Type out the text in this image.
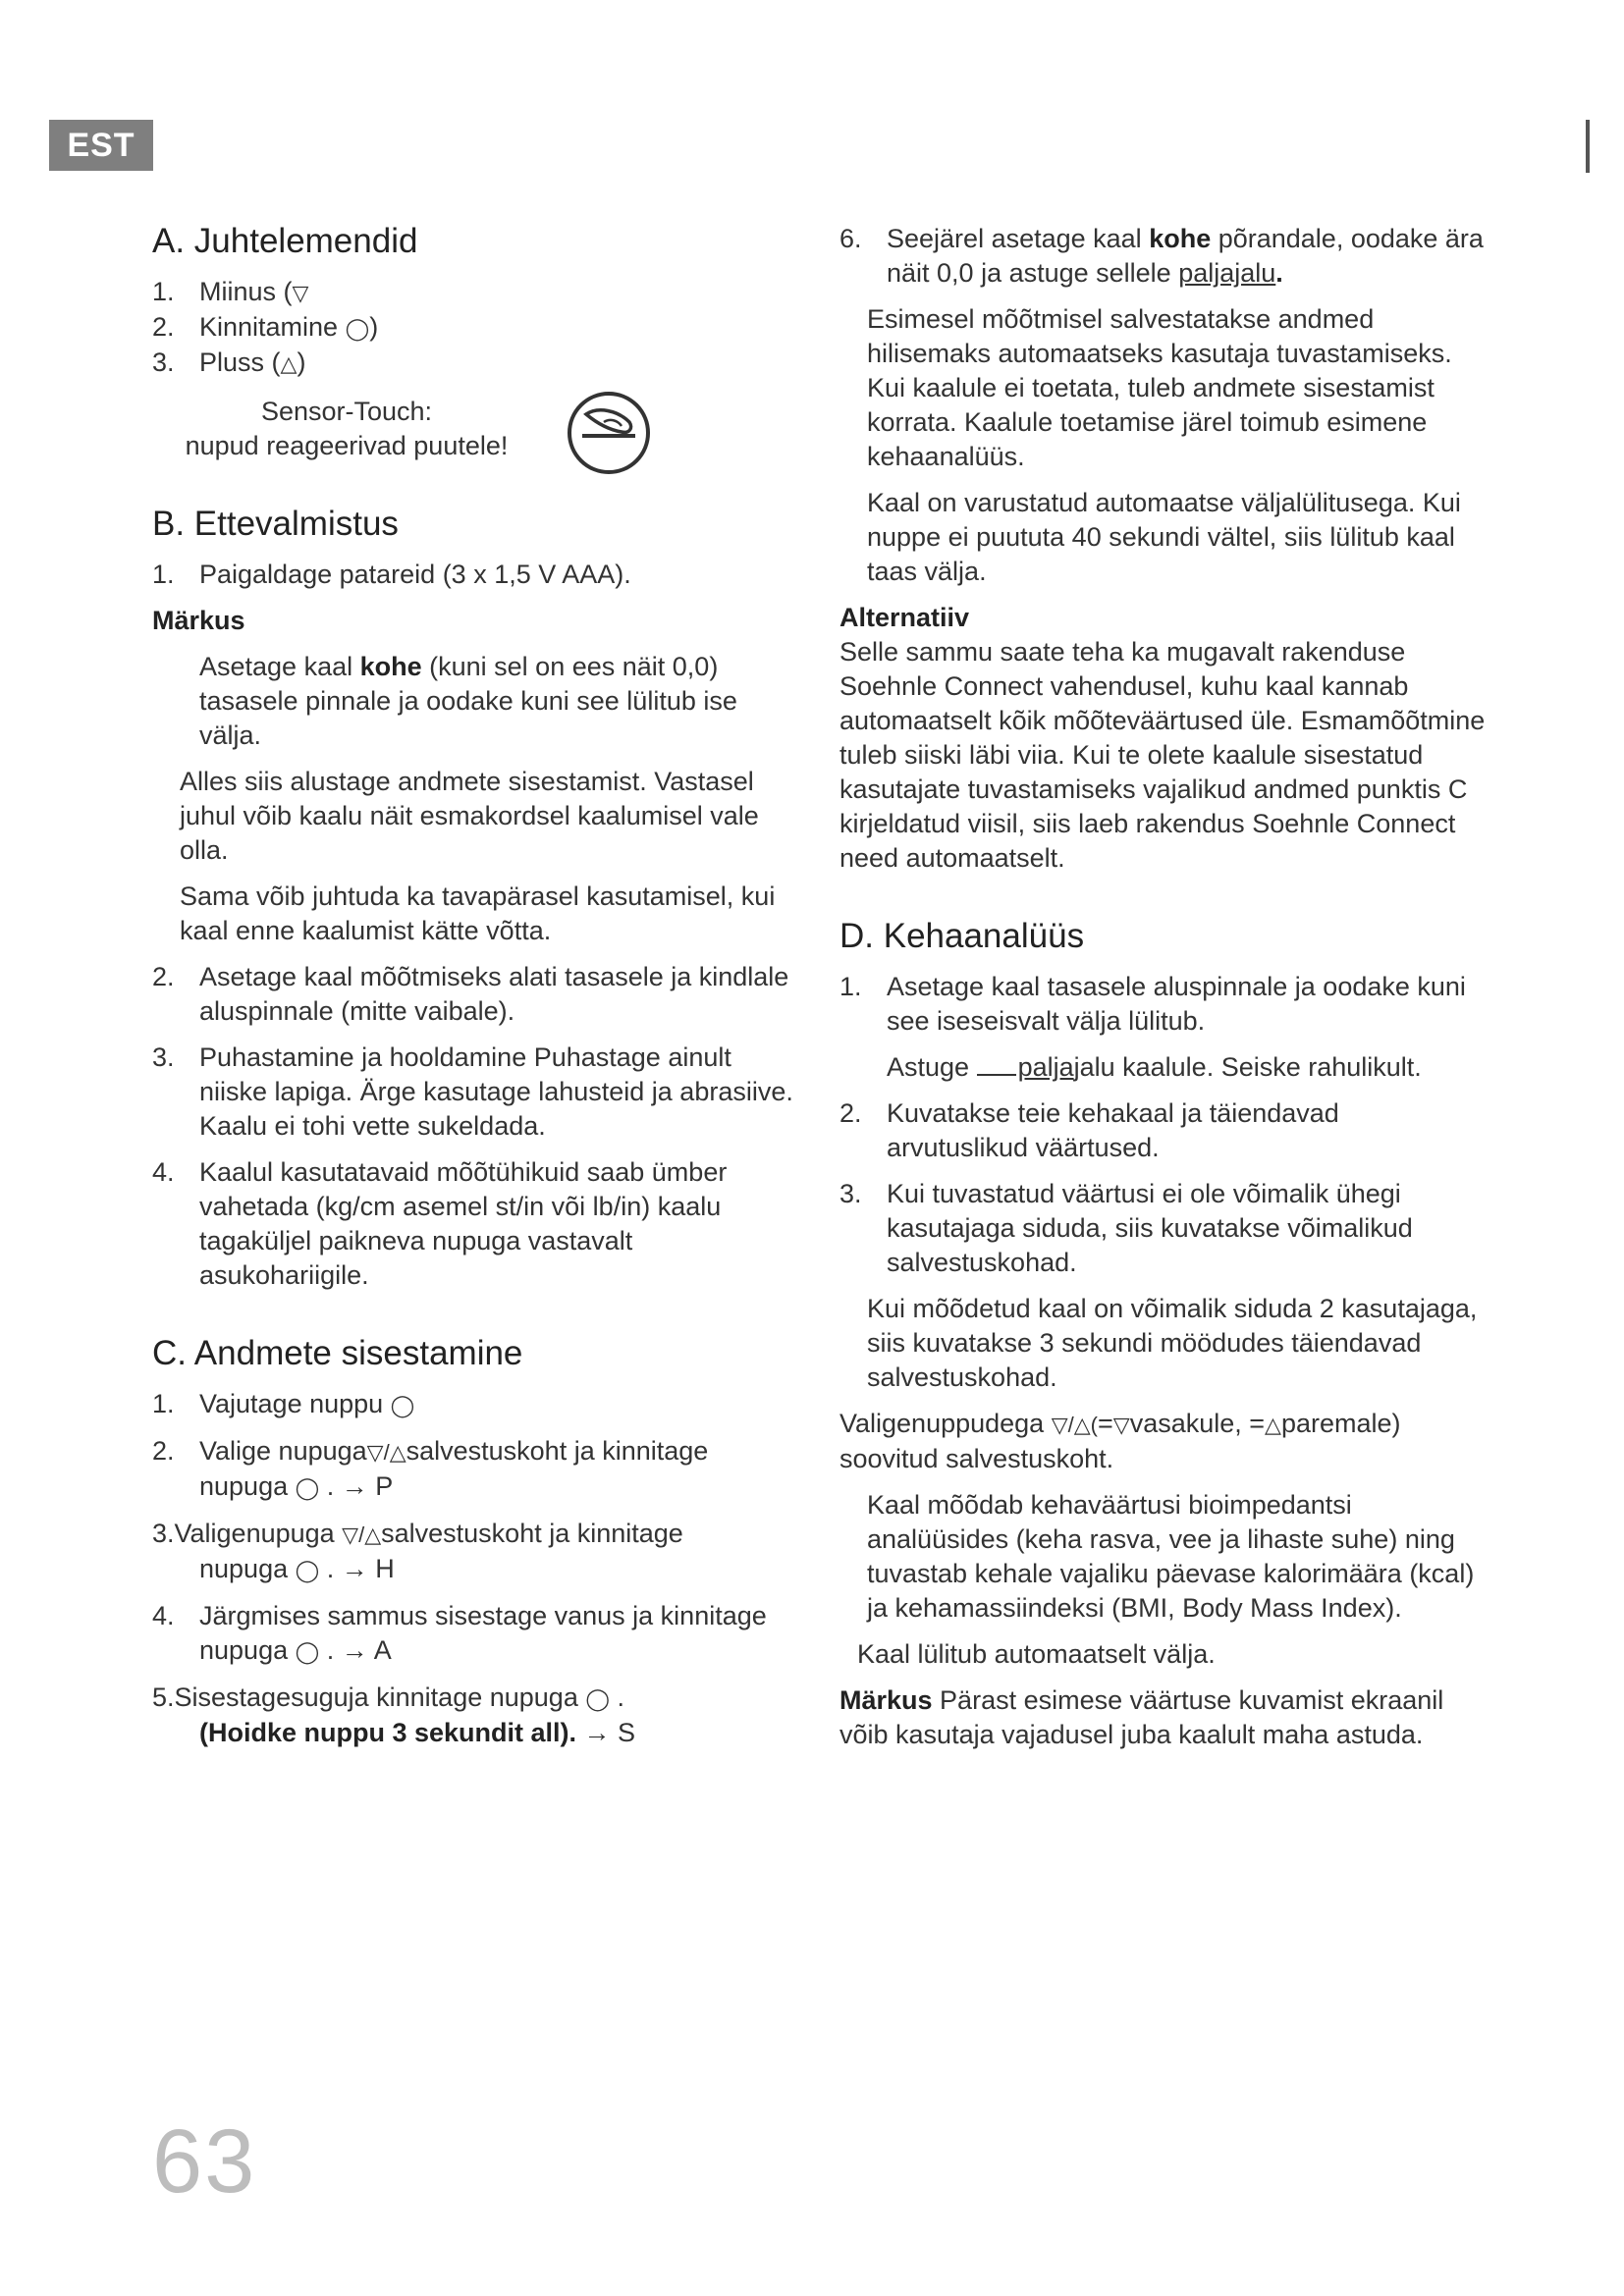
EST
A. Juhtelemendid

1. Miinus (▽

2. Kinnitamine ◯)

3. Pluss (△)

Sensor-Touch:

nupud reageerivad puutele!

B. Ettevalmistus

1. Paigaldage patareid (3 x 1,5 V AAA).

Märkus

Asetage kaal kohe (kuni sel on ees näit 0,0) tasasele pinnale ja oodake kuni see lülitub ise välja.

Alles siis alustage andmete sisestamist. Vastasel juhul võib kaalu näit esmakordsel kaalumisel vale olla.

Sama võib juhtuda ka tavapärasel kasutamisel, kui kaal enne kaalumist kätte võtta.

2. Asetage kaal mõõtmiseks alati tasasele ja kindlale aluspinnale (mitte vaibale).

3. Puhastamine ja hooldamine Puhastage ainult niiske lapiga. Ärge kasutage lahusteid ja abrasiive. Kaalu ei tohi vette sukeldada.

4. Kaalul kasutatavaid mõõtühikuid saab ümber vahetada (kg/cm asemel st/in või lb/in) kaalu tagaküljel paikneva nupuga vastavalt asukohariigile.

C. Andmete sisestamine

1. Vajutage nuppu ◯

2. Valige nupuga▽/△salvestuskoht ja kinnitage
nupuga ◯ . → P

3.Valigenupuga ▽/△salvestuskoht ja kinnitage
nupuga ◯ . → H

4. Järgmises sammus sisestage vanus ja kinnitage nupuga ◯ . → A

5.Sisestagesuguja kinnitage nupuga ◯ .
(Hoidke nuppu 3 sekundit all). → S

6. Seejärel asetage kaal kohe põrandale, oodake ära näit 0,0 ja astuge sellele paljajalu.

Esimesel mõõtmisel salvestatakse andmed hilisemaks automaatseks kasutaja tuvastamiseks. Kui kaalule ei toetata, tuleb andmete sisestamist korrata. Kaalule toetamise järel toimub esimene kehaanalüüs.

Kaal on varustatud automaatse väljalülitusega. Kui nuppe ei puututa 40 sekundi vältel, siis lülitub kaal taas välja.

Alternatiiv

Selle sammu saate teha ka mugavalt rakenduse Soehnle Connect vahendusel, kuhu kaal kannab automaatselt kõik mõõteväärtused üle. Esmamõõtmine tuleb siiski läbi viia. Kui te olete kaalule sisestatud kasutajate tuvastamiseks vajalikud andmed punktis C kirjeldatud viisil, siis laeb rakendus Soehnle Connect need automaatselt.

D. Kehaanalüüs

1. Asetage kaal tasasele aluspinnale ja oodake kuni see iseseisvalt välja lülitub.

Astuge paljajalu kaalule. Seiske rahulikult.

2. Kuvatakse teie kehakaal ja täiendavad arvutuslikud väärtused.

3. Kui tuvastatud väärtusi ei ole võimalik ühegi kasutajaga siduda, siis kuvatakse võimalikud salvestuskohad.

Kui mõõdetud kaal on võimalik siduda 2 kasutajaga, siis kuvatakse 3 sekundi möödudes täiendavad salvestuskohad.

Valigenuppudega ▽/△(=▽vasakule, =△paremale) soovitud salvestuskoht.

Kaal mõõdab kehaväärtusi bioimpedantsi analüüsides (keha rasva, vee ja lihaste suhe) ning tuvastab kehale vajaliku päevase kalorimäära (kcal) ja kehamassiindeksi (BMI, Body Mass Index).

Kaal lülitub automaatselt välja.

Märkus Pärast esimese väärtuse kuvamist ekraanil võib kasutaja vajadusel juba kaalult maha astuda.

63
